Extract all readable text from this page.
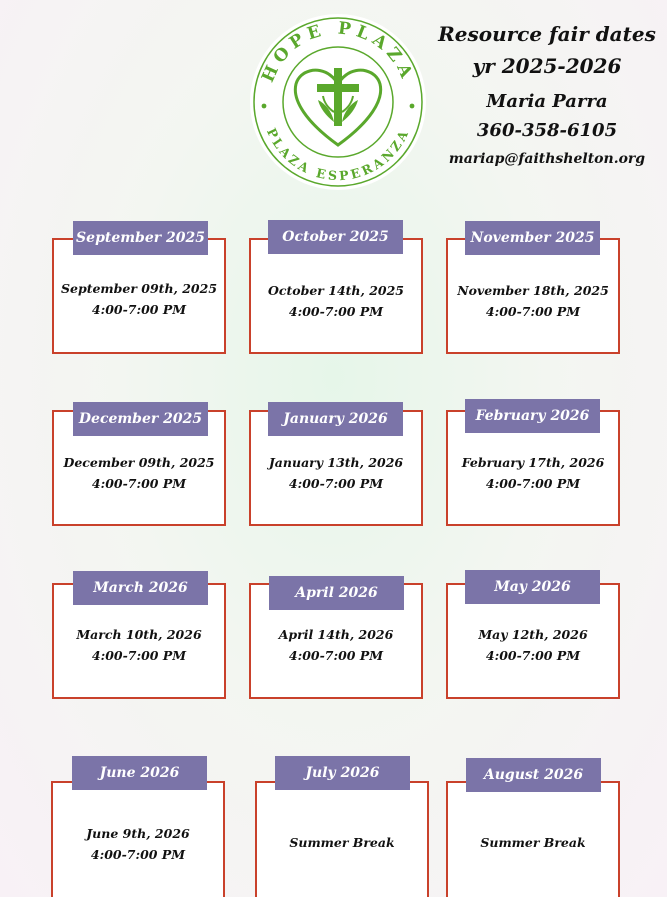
HOPE PLAZA
PLAZA ESPERANZA
Resource fair dates
yr 2025-2026
Maria Parra
360-358-6105
mariap@faithshelton.org
September 09th, 2025
4:00-7:00 PM
September 2025
October 14th, 2025
4:00-7:00 PM
October 2025
November 18th, 2025
4:00-7:00 PM
November 2025
December 09th, 2025
4:00-7:00 PM
December 2025
January 13th, 2026
4:00-7:00 PM
January 2026
February 17th, 2026
4:00-7:00 PM
February 2026
March 10th, 2026
4:00-7:00 PM
March 2026
April 14th, 2026
4:00-7:00 PM
April 2026
May 12th, 2026
4:00-7:00 PM
May 2026
June 9th, 2026
4:00-7:00 PM
June 2026
Summer Break
July 2026
Summer Break
August 2026
